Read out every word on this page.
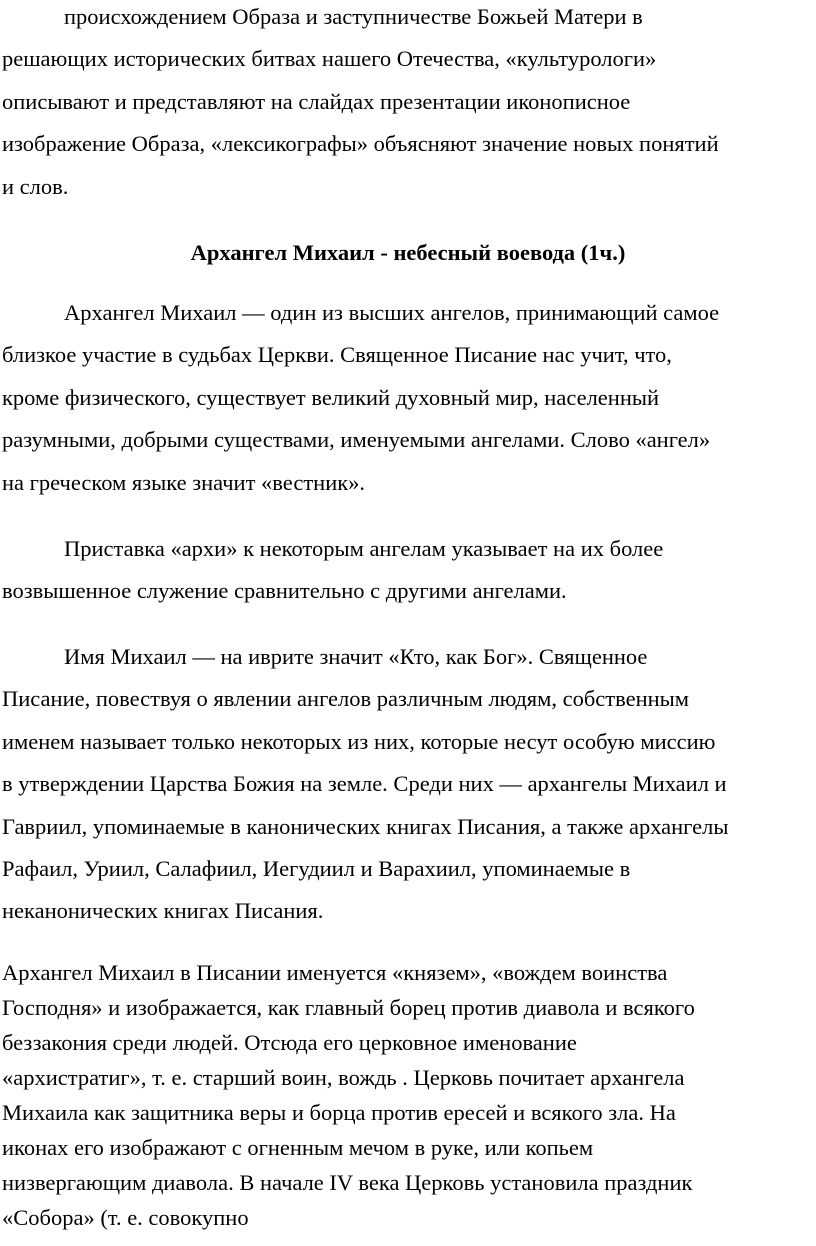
происхождением Образа и заступничестве Божьей Матери в
решающих исторических битвах нашего Отечества, «культурологи»
описывают и представляют на слайдах презентации иконописное
изображение Образа, «лексикографы» объясняют значение новых понятий
и слов.

Архангел Михаил - небесный воевода (1ч.)

Архангел Михаил — один из высших ангелов, принимающий самое
близкое участие в судьбах Церкви. Священное Писание нас учит, что,
кроме физического, существует великий духовный мир, населенный
разумными, добрыми существами, именуемыми ангелами. Слово «ангел»
на греческом языке значит «вестник».

Приставка «архи» к некоторым ангелам указывает на их более
возвышенное служение сравнительно с другими ангелами.

Имя Михаил — на иврите значит «Кто, как Бог». Священное
Писание, повествуя о явлении ангелов различным людям, собственным
именем называет только некоторых из них, которые несут особую миссию
в утверждении Царства Божия на земле. Среди них — архангелы Михаил и
Гавриил, упоминаемые в канонических книгах Писания, а также архангелы
Рафаил, Уриил, Салафиил, Иегудиил и Варахиил, упоминаемые в
неканонических книгах Писания.

Архангел Михаил в Писании именуется «князем», «вождем воинства
Господня» и изображается, как главный борец против диавола и всякого
беззакония среди людей. Отсюда его церковное именование
«архистратиг», т. е. старший воин, вождь . Церковь почитает архангела
Михаила как защитника веры и борца против ересей и всякого зла. На
иконах его изображают с огненным мечом в руке, или копьем
низвергающим диавола. В начале IV века Церковь установила праздник
«Собора» (т. е. совокупно
